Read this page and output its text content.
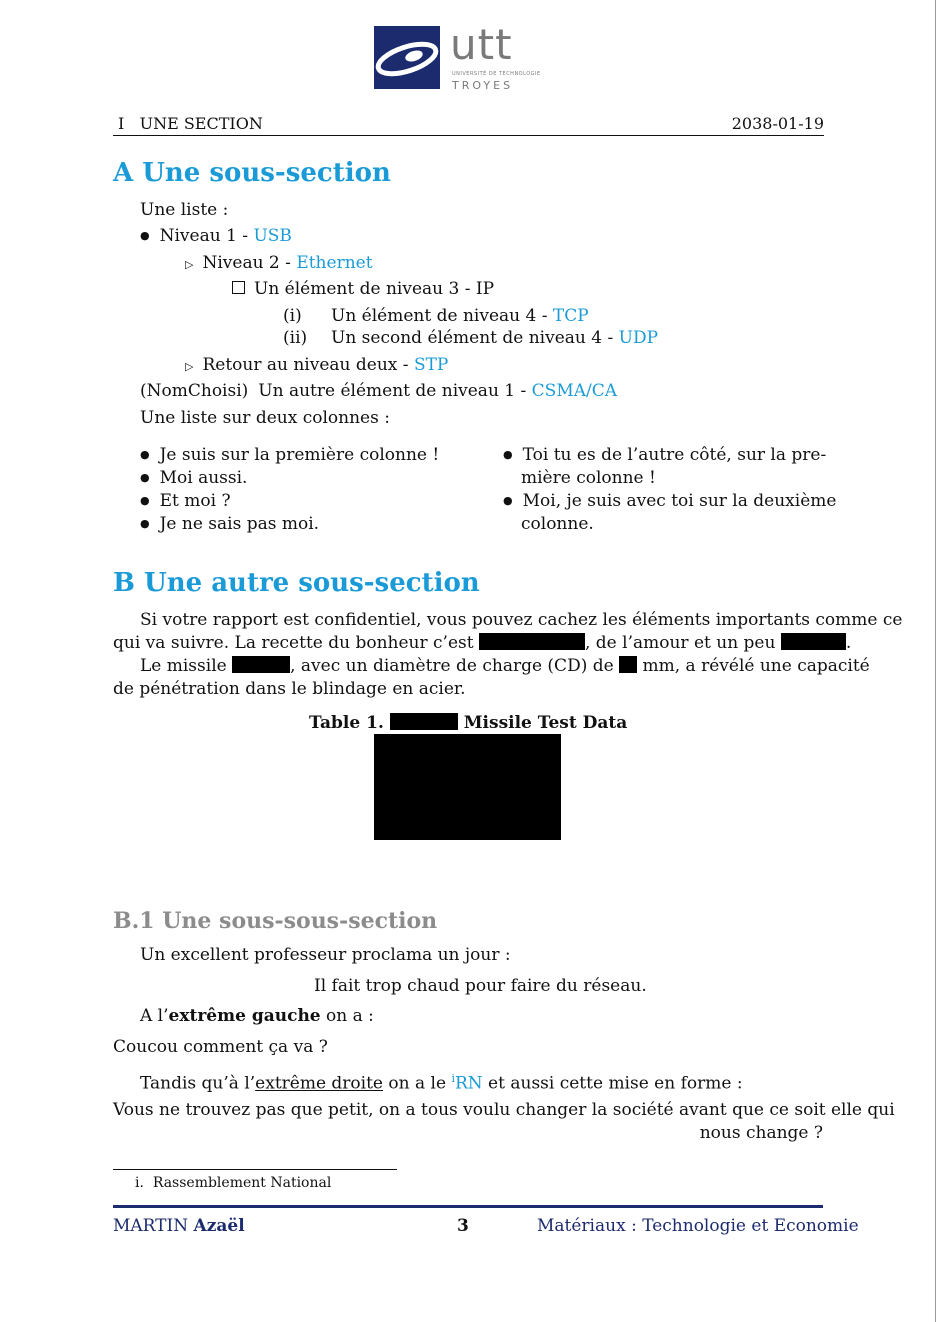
utt
UNIVERSITÉ DE TECHNOLOGIE
TROYES
I   UNE SECTION	2038-01-19
A Une sous-section
Une liste :
● Niveau 1 - USB
▷ Niveau 2 - Ethernet
Un élément de niveau 3 - IP
(i) Un élément de niveau 4 - TCP
(ii) Un second élément de niveau 4 - UDP
▷ Retour au niveau deux - STP
(NomChoisi) Un autre élément de niveau 1 - CSMA/CA
Une liste sur deux colonnes :
● Je suis sur la première colonne !
● Moi aussi.
● Et moi ?
● Je ne sais pas moi.
● Toi tu es de l’autre côté, sur la pre-
mière colonne !
● Moi, je suis avec toi sur la deuxième
colonne.
B Une autre sous-section
Si votre rapport est confidentiel, vous pouvez cachez les éléments importants comme ce
qui va suivre. La recette du bonheur c’est	, de l’amour et un peu	.
Le missile	, avec un diamètre de charge (CD) de mm, a révélé une capacité
de pénétration dans le blindage en acier.
Table 1.	Missile Test Data
B.1 Une sous-sous-section
Un excellent professeur proclama un jour :
Il fait trop chaud pour faire du réseau.
A l’extrême gauche on a :
Coucou comment ça va ?
Tandis qu’à l’extrême droite on a le $^i$RN et aussi cette mise en forme :
Vous ne trouvez pas que petit, on a tous voulu changer la société avant que ce soit elle qui
nous change ?
i.  Rassemblement National
MARTIN Azaël	3	Matériaux : Technologie et Economie
